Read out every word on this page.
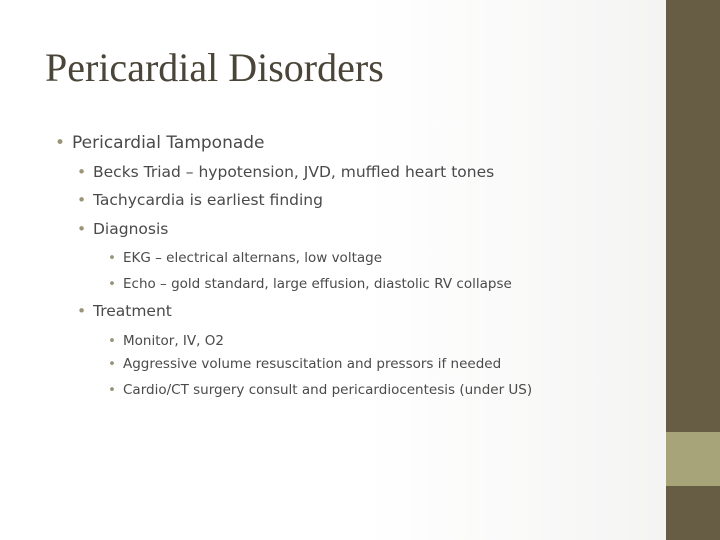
Pericardial Disorders
• Pericardial Tamponade
• Becks Triad – hypotension, JVD, muffled heart tones
• Tachycardia is earliest finding
• Diagnosis
• EKG – electrical alternans, low voltage
• Echo – gold standard, large effusion, diastolic RV collapse
• Treatment
• Monitor, IV, O2
• Aggressive volume resuscitation and pressors if needed
• Cardio/CT surgery consult and pericardiocentesis (under US)
